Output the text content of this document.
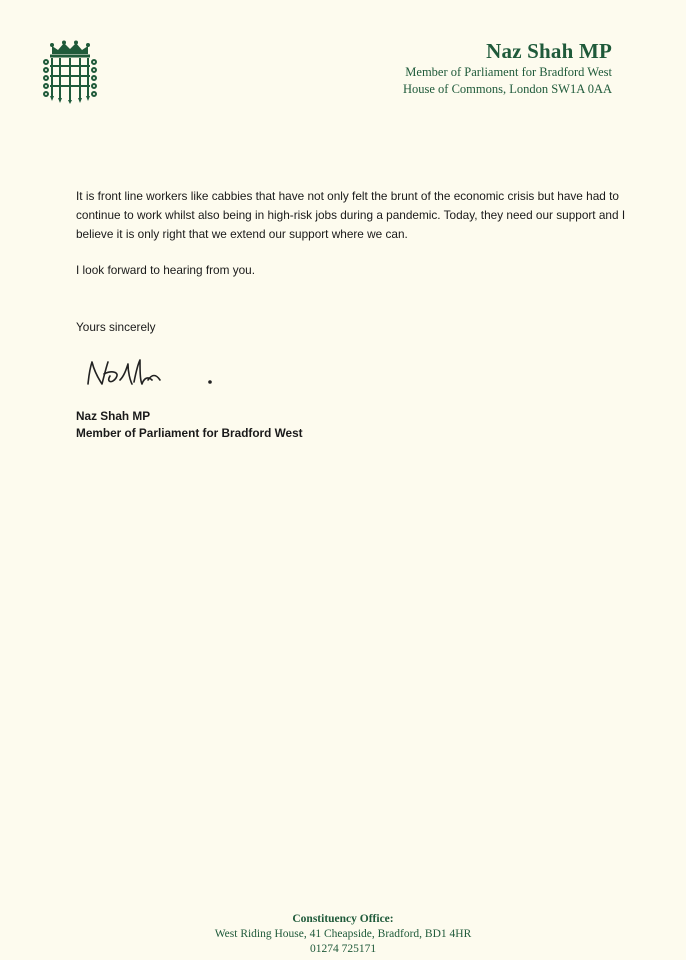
Naz Shah MP
Member of Parliament for Bradford West
House of Commons, London SW1A 0AA

It is front line workers like cabbies that have not only felt the brunt of the economic crisis but have had to continue to work whilst also being in high-risk jobs during a pandemic. Today, they need our support and I believe it is only right that we extend our support where we can.

I look forward to hearing from you.

Yours sincerely
Naz Shah MP
Member of Parliament for Bradford West
Constituency Office:
West Riding House, 41 Cheapside, Bradford, BD1 4HR
01274 725171
